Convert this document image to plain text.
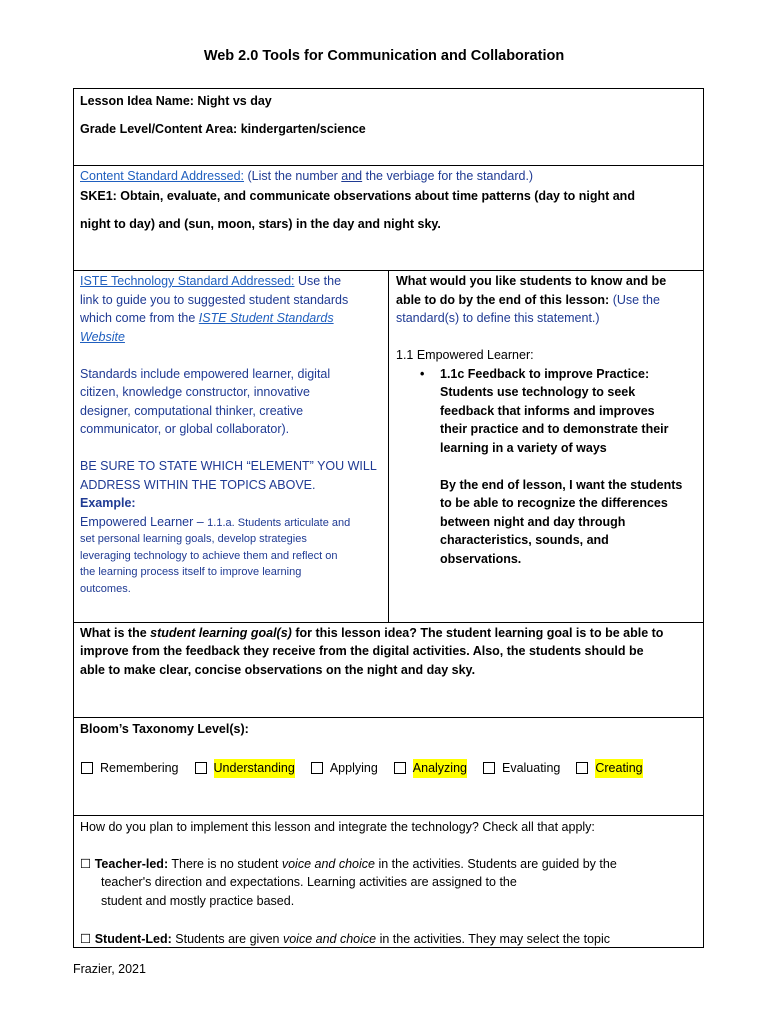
Web 2.0 Tools for Communication and Collaboration
Lesson Idea Name: Night vs day
Grade Level/Content Area: kindergarten/science
Content Standard Addressed: (List the number and the verbiage for the standard.)
SKE1: Obtain, evaluate, and communicate observations about time patterns (day to night and
night to day) and (sun, moon, stars) in the day and night sky.
ISTE Technology Standard Addressed: Use the
link to guide you to suggested student standards
which come from the ISTE Student Standards
Website
Standards include empowered learner, digital
citizen, knowledge constructor, innovative
designer, computational thinker, creative
communicator, or global collaborator).
BE SURE TO STATE WHICH “ELEMENT” YOU WILL
ADDRESS WITHIN THE TOPICS ABOVE.
Example:
Empowered Learner – 1.1.a. Students articulate and
set personal learning goals, develop strategies
leveraging technology to achieve them and reflect on
the learning process itself to improve learning
outcomes.
What would you like students to know and be
able to do by the end of this lesson: (Use the
standard(s) to define this statement.)
1.1 Empowered Learner:
• 1.1c Feedback to improve Practice:
Students use technology to seek
feedback that informs and improves
their practice and to demonstrate their
learning in a variety of ways
By the end of lesson, I want the students
to be able to recognize the differences
between night and day through
characteristics, sounds, and
observations.
What is the student learning goal(s) for this lesson idea? The student learning goal is to be able to
improve from the feedback they receive from the digital activities. Also, the students should be
able to make clear, concise observations on the night and day sky.
Bloom’s Taxonomy Level(s):
Remembering	Understanding	Applying	Analyzing	Evaluating	Creating
How do you plan to implement this lesson and integrate the technology? Check all that apply:
☐ Teacher-led: There is no student voice and choice in the activities. Students are guided by the
teacher's direction and expectations. Learning activities are assigned to the
student and mostly practice based.
☐ Student-Led: Students are given voice and choice in the activities. They may select the topic
Frazier, 2021
